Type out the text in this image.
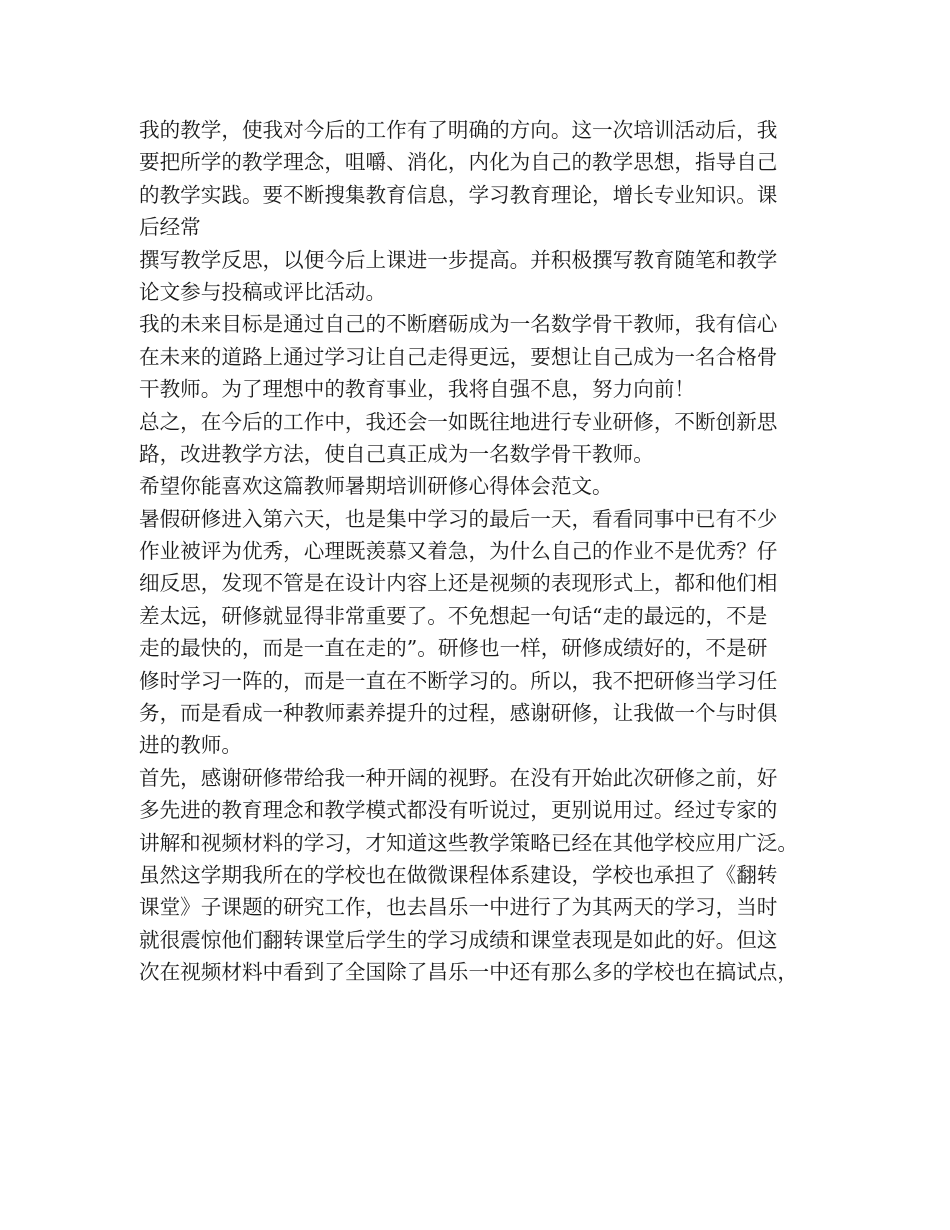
我的教学，使我对今后的工作有了明确的方向。这一次培训活动后，我
要把所学的教学理念，咀嚼、消化，内化为自己的教学思想，指导自己
的教学实践。要不断搜集教育信息，学习教育理论，增长专业知识。课
后经常
撰写教学反思，以便今后上课进一步提高。并积极撰写教育随笔和教学
论文参与投稿或评比活动。
我的未来目标是通过自己的不断磨砺成为一名数学骨干教师，我有信心
在未来的道路上通过学习让自己走得更远，要想让自己成为一名合格骨
干教师。为了理想中的教育事业，我将自强不息，努力向前！
总之，在今后的工作中，我还会一如既往地进行专业研修，不断创新思
路，改进教学方法，使自己真正成为一名数学骨干教师。
希望你能喜欢这篇教师暑期培训研修心得体会范文。
暑假研修进入第六天，也是集中学习的最后一天，看看同事中已有不少
作业被评为优秀，心理既羡慕又着急，为什么自己的作业不是优秀？仔
细反思，发现不管是在设计内容上还是视频的表现形式上，都和他们相
差太远，研修就显得非常重要了。不免想起一句话“走的最远的，不是
走的最快的，而是一直在走的”。研修也一样，研修成绩好的，不是研
修时学习一阵的，而是一直在不断学习的。所以，我不把研修当学习任
务，而是看成一种教师素养提升的过程，感谢研修，让我做一个与时俱
进的教师。
首先，感谢研修带给我一种开阔的视野。在没有开始此次研修之前，好
多先进的教育理念和教学模式都没有听说过，更别说用过。经过专家的
讲解和视频材料的学习，才知道这些教学策略已经在其他学校应用广泛。
虽然这学期我所在的学校也在做微课程体系建设，学校也承担了《翻转
课堂》子课题的研究工作，也去昌乐一中进行了为其两天的学习，当时
就很震惊他们翻转课堂后学生的学习成绩和课堂表现是如此的好。但这
次在视频材料中看到了全国除了昌乐一中还有那么多的学校也在搞试点，
